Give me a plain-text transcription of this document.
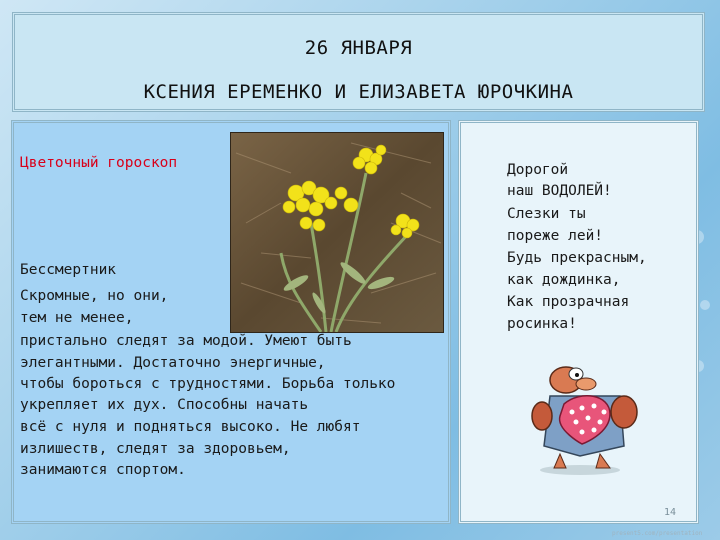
26 ЯНВАРЯ
КСЕНИЯ ЕРЕМЕНКО И ЕЛИЗАВЕТА ЮРОЧКИНА
Цветочный гороскоп
Бессмертник
Скромные, но они,
тем не менее,
пристально следят за модой. Умеют быть
элегантными. Достаточно энергичные,
чтобы бороться с трудностями. Борьба только
укрепляет их дух. Способны начать
всё с нуля и подняться высоко. Не любят
излишеств, следят за здоровьем,
занимаются спортом.
Дорогой
наш ВОДОЛЕЙ!
Слезки ты
пореже лей!
Будь прекрасным,
как дождинка,
Как прозрачная
росинка!
14
present5.com/presentation
